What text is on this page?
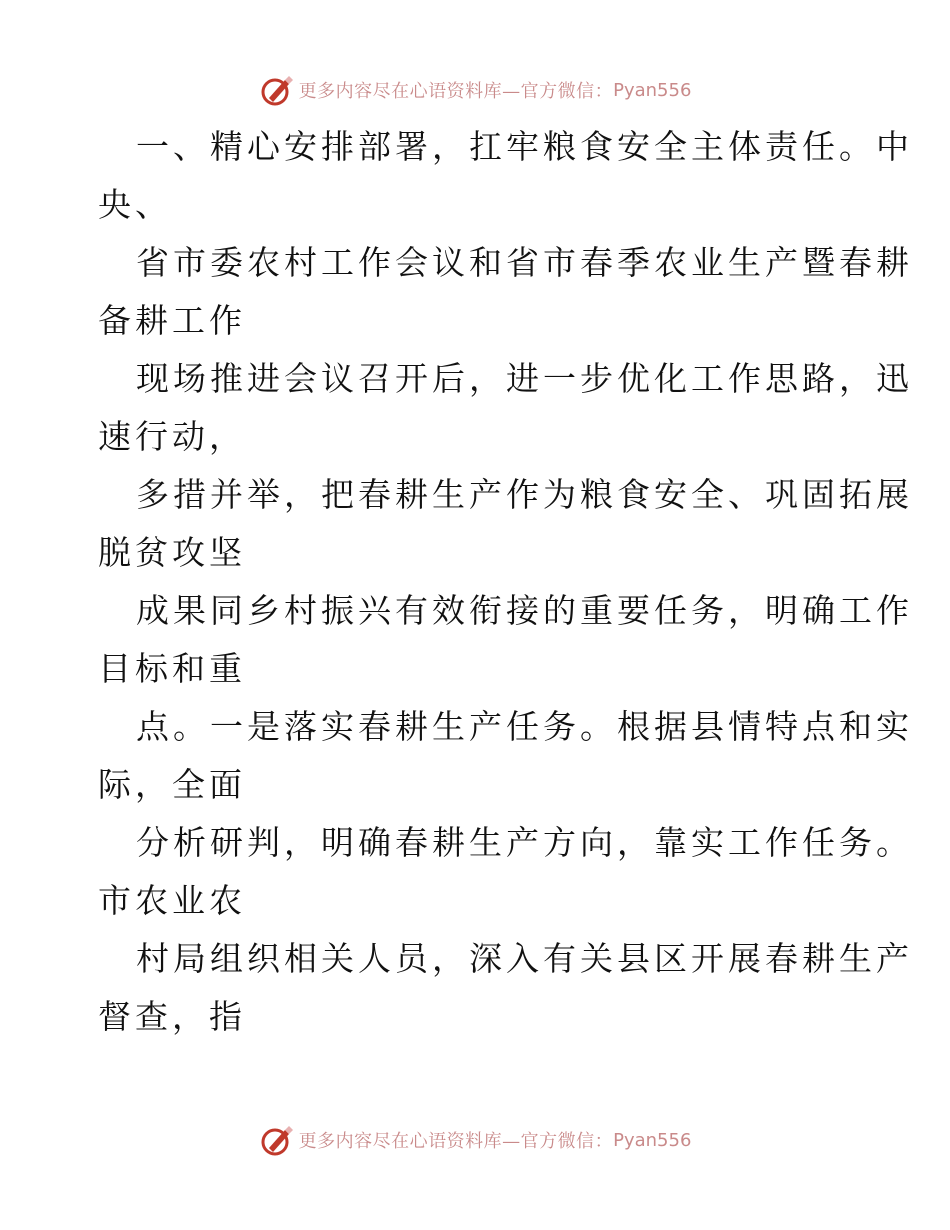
更多内容尽在心语资料库—官方微信： Pyan556

一、精心安排部署，扛牢粮食安全主体责任。中
央、

省市委农村工作会议和省市春季农业生产暨春耕
备耕工作

现场推进会议召开后，进一步优化工作思路，迅
速行动，

多措并举，把春耕生产作为粮食安全、巩固拓展
脱贫攻坚

成果同乡村振兴有效衔接的重要任务，明确工作
目标和重

点。一是落实春耕生产任务。根据县情特点和实
际，全面

分析研判，明确春耕生产方向，靠实工作任务。
市农业农

村局组织相关人员，深入有关县区开展春耕生产
督查，指

更多内容尽在心语资料库—官方微信： Pyan556
